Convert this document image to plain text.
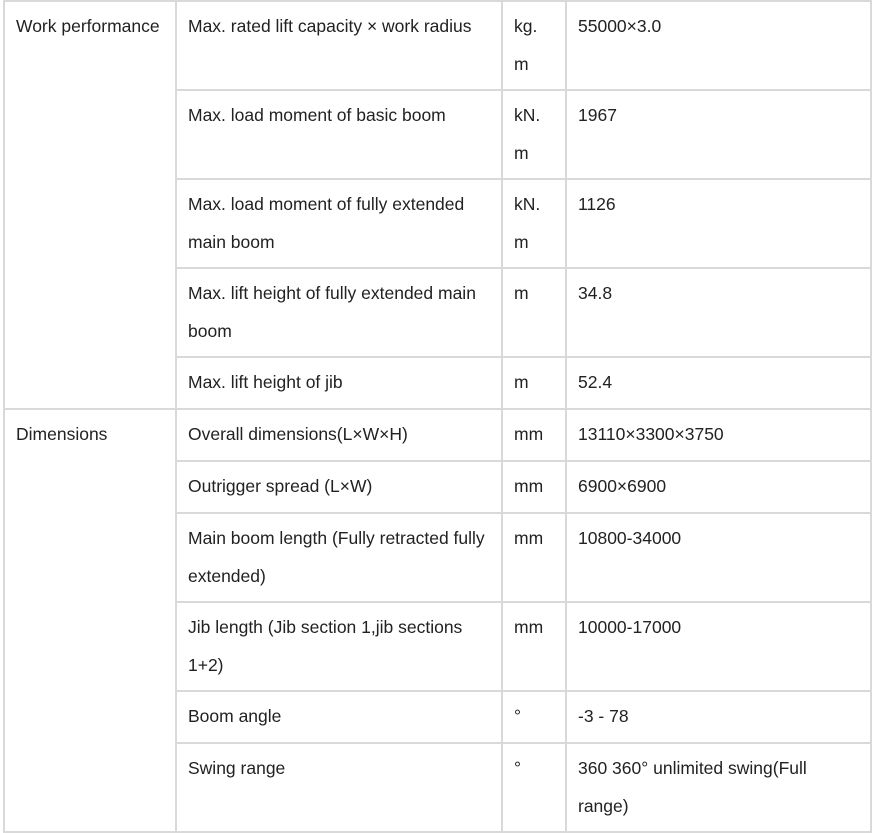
Work performance	Max. rated lift capacity × work radius	kg. m	55000×3.0
	Max. load moment of basic boom	kN. m	1967
	Max. load moment of fully extended main boom	kN. m	1126
	Max. lift height of fully extended main boom	m	34.8
	Max. lift height of jib	m	52.4
Dimensions	Overall dimensions(L×W×H)	mm	13110×3300×3750
	Outrigger spread (L×W)	mm	6900×6900
	Main boom length (Fully retracted fully extended)	mm	10800-34000
	Jib length (Jib section 1,jib sections 1+2)	mm	10000-17000
	Boom angle	°	-3 - 78
	Swing range	°	360 360° unlimited swing(Full range)
